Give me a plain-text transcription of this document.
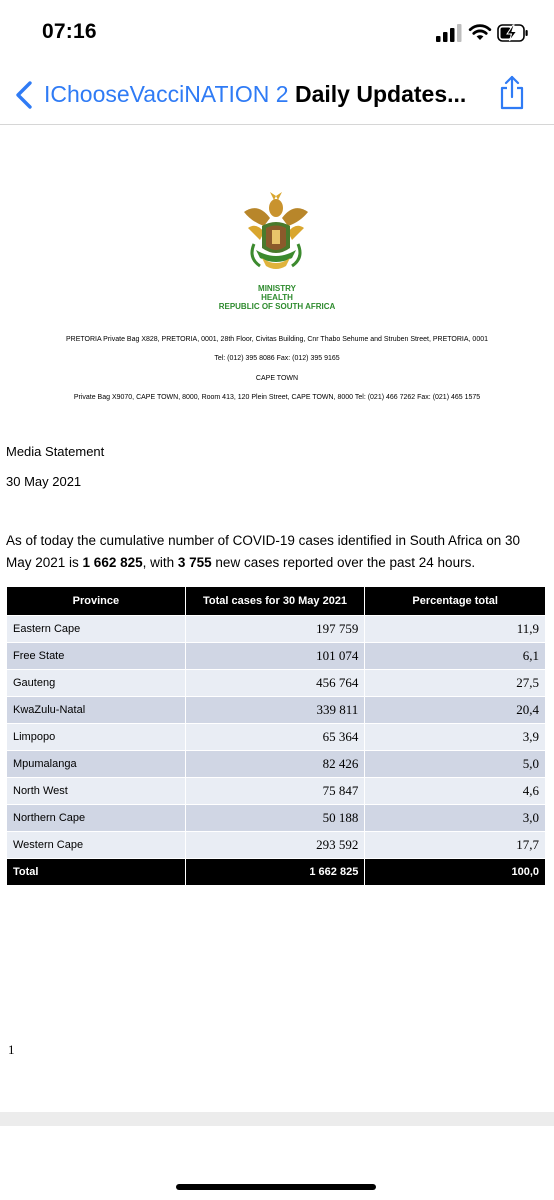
07:16
IChooseVacciNATION 2 Daily Updates...
MINISTRY
HEALTH
REPUBLIC OF SOUTH AFRICA
PRETORIA Private Bag X828, PRETORIA, 0001, 28th Floor, Civitas Building, Cnr Thabo Sehume and Struben Street, PRETORIA, 0001
Tel: (012) 395 8086 Fax: (012) 395 9165
CAPE TOWN
Private Bag X9070, CAPE TOWN, 8000, Room 413, 120 Plein Street, CAPE TOWN, 8000 Tel: (021) 466 7262 Fax: (021) 465 1575
Media Statement
30 May 2021
As of today the cumulative number of COVID-19 cases identified in South Africa on 30 May 2021 is 1 662 825, with 3 755 new cases reported over the past 24 hours.
Province	Total cases for 30 May 2021	Percentage total
Eastern Cape	197 759	11,9
Free State	101 074	6,1
Gauteng	456 764	27,5
KwaZulu-Natal	339 811	20,4
Limpopo	65 364	3,9
Mpumalanga	82 426	5,0
North West	75 847	4,6
Northern Cape	50 188	3,0
Western Cape	293 592	17,7
Total	1 662 825	100,0
1
